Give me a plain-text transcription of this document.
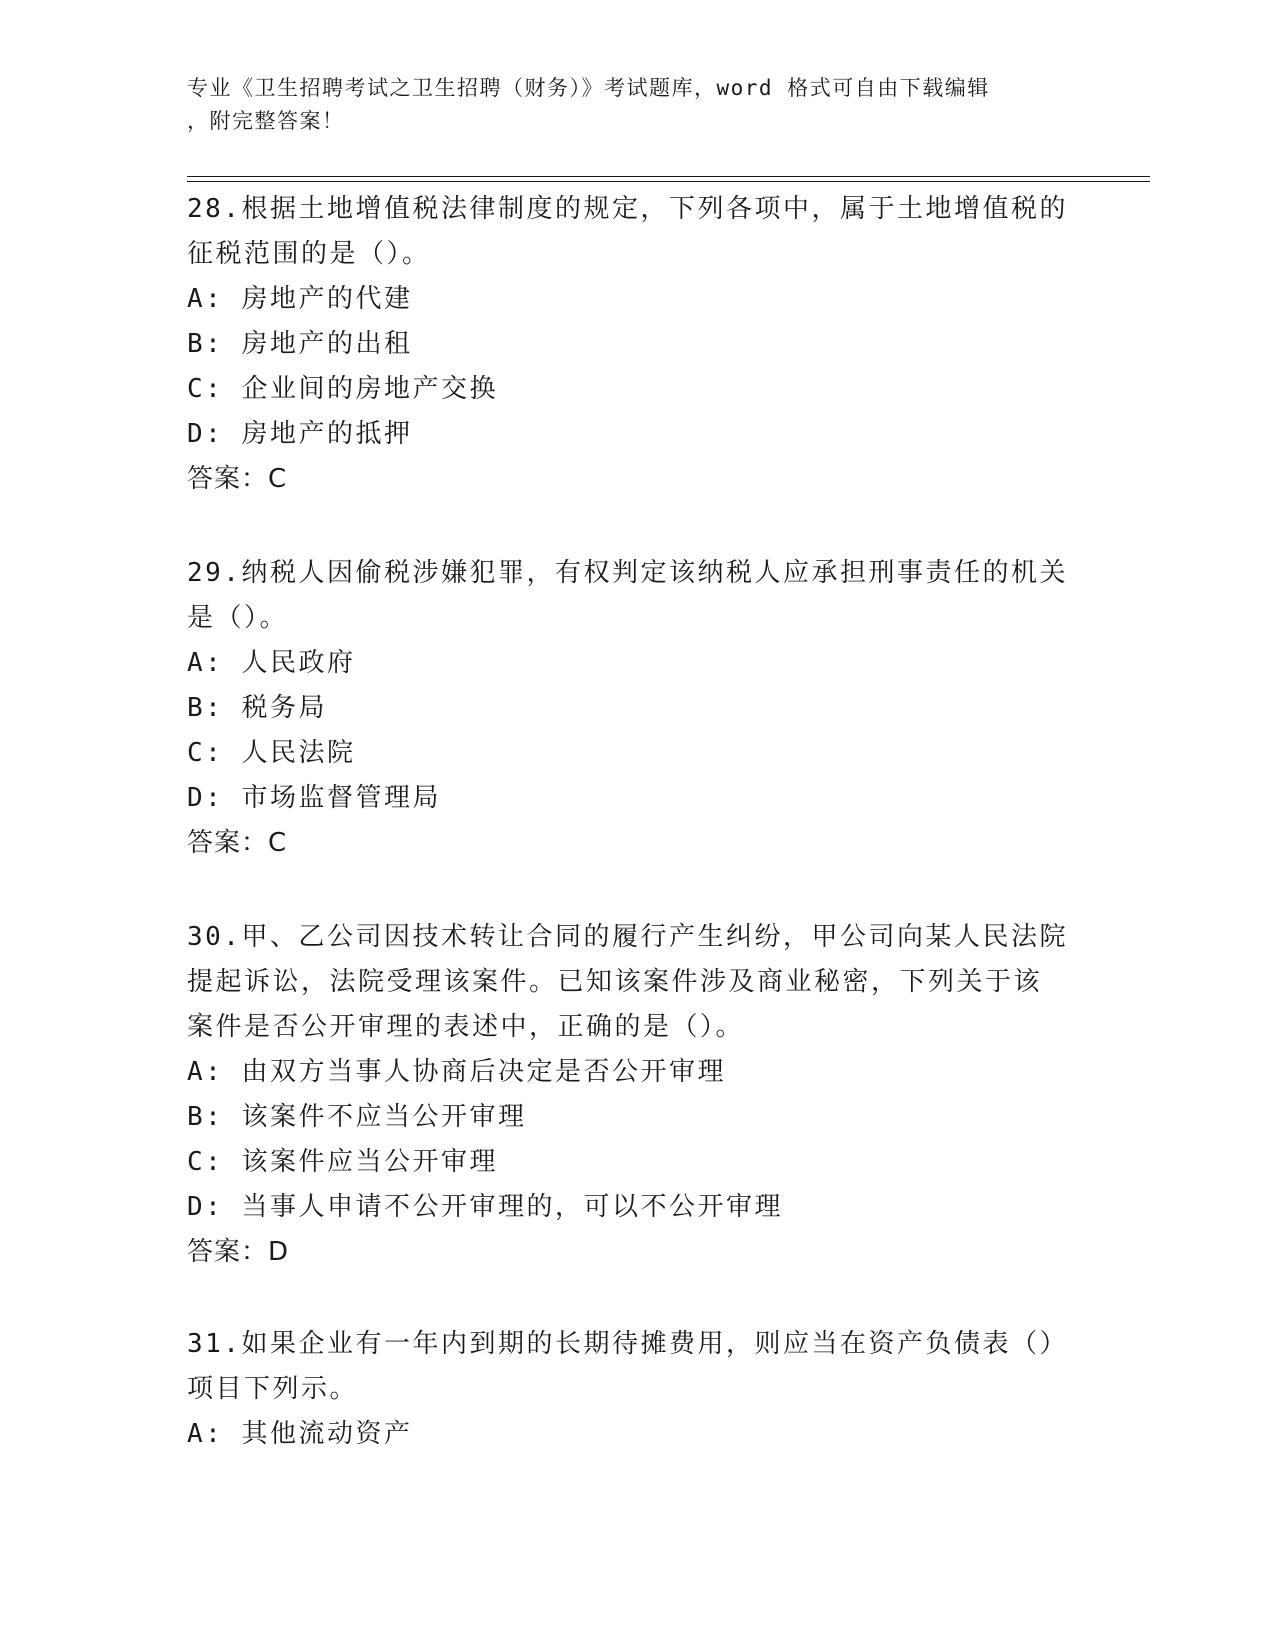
专业《卫生招聘考试之卫生招聘（财务）》考试题库，word 格式可自由下载编辑

，附完整答案！

28.根据土地增值税法律制度的规定，下列各项中，属于土地增值税的
征税范围的是（）。

A: 房地产的代建
B: 房地产的出租
C: 企业间的房地产交换
D: 房地产的抵押
答案：C

29.纳税人因偷税涉嫌犯罪，有权判定该纳税人应承担刑事责任的机关
是（）。

A: 人民政府
B: 税务局
C: 人民法院
D: 市场监督管理局
答案：C

30.甲、乙公司因技术转让合同的履行产生纠纷，甲公司向某人民法院
提起诉讼，法院受理该案件。已知该案件涉及商业秘密，下列关于该
案件是否公开审理的表述中，正确的是（）。

A: 由双方当事人协商后决定是否公开审理
B: 该案件不应当公开审理
C: 该案件应当公开审理
D: 当事人申请不公开审理的，可以不公开审理
答案：D

31.如果企业有一年内到期的长期待摊费用，则应当在资产负债表（）
项目下列示。

A: 其他流动资产
